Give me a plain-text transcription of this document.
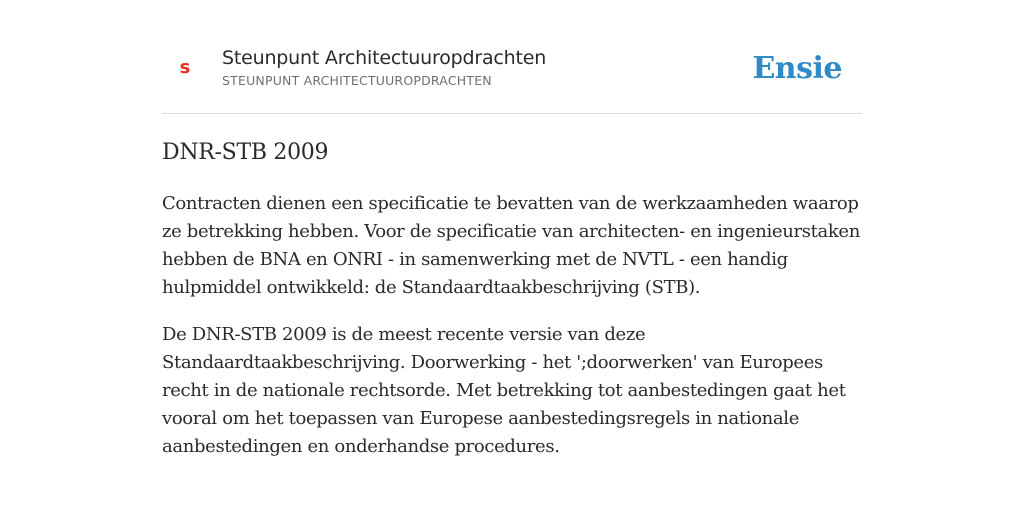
s Steunpunt Architectuuropdrachten
STEUNPUNT ARCHITECTUUROPDRACHTEN	Ensie
DNR-STB 2009

Contracten dienen een specificatie te bevatten van de werkzaamheden waarop ze betrekking hebben. Voor de specificatie van architecten- en ingenieurstaken hebben de BNA en ONRI - in samenwerking met de NVTL - een handig hulpmiddel ontwikkeld: de Standaardtaakbeschrijving (STB).

De DNR-STB 2009 is de meest recente versie van deze Standaardtaakbeschrijving. Doorwerking - het ';doorwerken' van Europees recht in de nationale rechtsorde. Met betrekking tot aanbestedingen gaat het vooral om het toepassen van Europese aanbestedingsregels in nationale aanbestedingen en onderhandse procedures.
